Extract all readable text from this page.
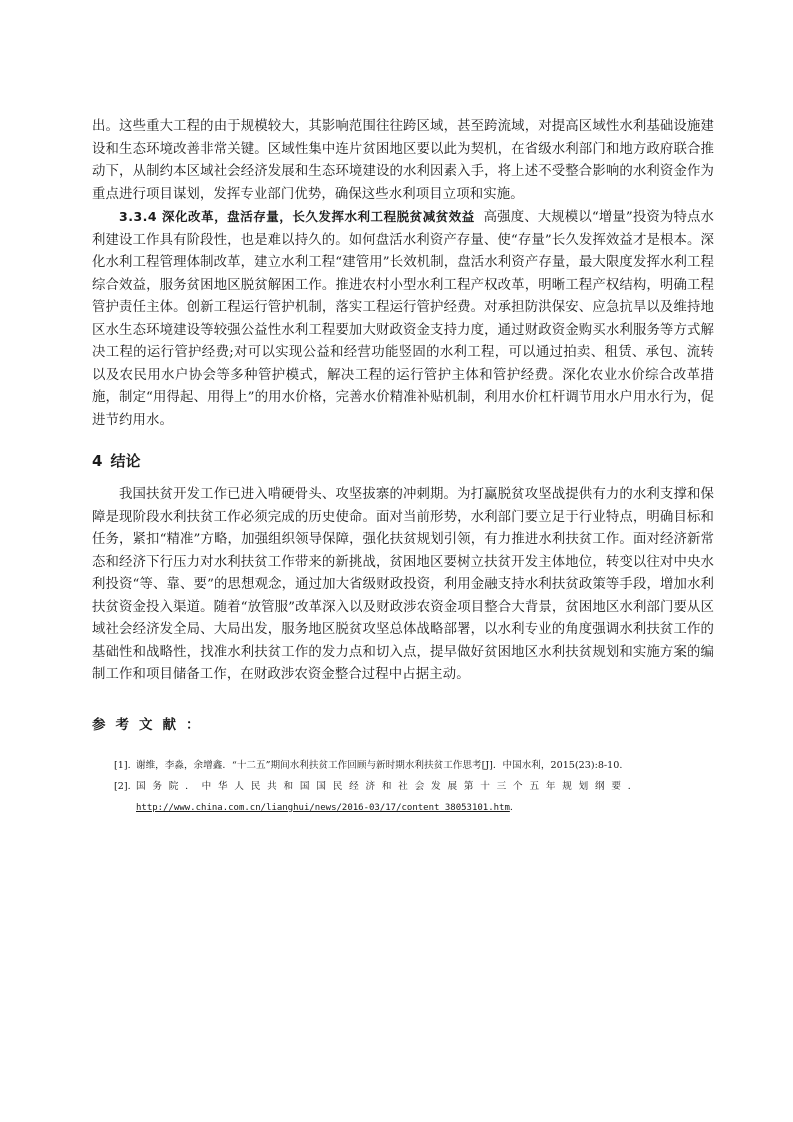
出。这些重大工程的由于规模较大，其影响范围往往跨区域，甚至跨流域，对提高区域性水利基础设施建设和生态环境改善非常关键。区域性集中连片贫困地区要以此为契机，在省级水利部门和地方政府联合推动下，从制约本区域社会经济发展和生态环境建设的水利因素入手，将上述不受整合影响的水利资金作为重点进行项目谋划，发挥专业部门优势，确保这些水利项目立项和实施。

3.3.4 深化改革，盘活存量，长久发挥水利工程脱贫减贫效益 高强度、大规模以“增量”投资为特点水利建设工作具有阶段性，也是难以持久的。如何盘活水利资产存量、使“存量”长久发挥效益才是根本。深化水利工程管理体制改革，建立水利工程“建管用”长效机制，盘活水利资产存量，最大限度发挥水利工程综合效益，服务贫困地区脱贫解困工作。推进农村小型水利工程产权改革，明晰工程产权结构，明确工程管护责任主体。创新工程运行管护机制，落实工程运行管护经费。对承担防洪保安、应急抗旱以及维持地区水生态环境建设等较强公益性水利工程要加大财政资金支持力度，通过财政资金购买水利服务等方式解决工程的运行管护经费;对可以实现公益和经营功能竖固的水利工程，可以通过拍卖、租赁、承包、流转以及农民用水户协会等多种管护模式，解决工程的运行管护主体和管护经费。深化农业水价综合改革措施，制定“用得起、用得上”的用水价格，完善水价精准补贴机制，利用水价杠杆调节用水户用水行为，促进节约用水。

4 结论

我国扶贫开发工作已进入啃硬骨头、攻坚拔寨的冲刺期。为打赢脱贫攻坚战提供有力的水利支撑和保障是现阶段水利扶贫工作必须完成的历史使命。面对当前形势，水利部门要立足于行业特点，明确目标和任务，紧扣“精准”方略，加强组织领导保障，强化扶贫规划引领，有力推进水利扶贫工作。面对经济新常态和经济下行压力对水利扶贫工作带来的新挑战，贫困地区要树立扶贫开发主体地位，转变以往对中央水利投资“等、靠、要”的思想观念，通过加大省级财政投资，利用金融支持水利扶贫政策等手段，增加水利扶贫资金投入渠道。随着“放管服”改革深入以及财政涉农资金项目整合大背景，贫困地区水利部门要从区域社会经济发全局、大局出发，服务地区脱贫攻坚总体战略部署，以水利专业的角度强调水利扶贫工作的基础性和战略性，找准水利扶贫工作的发力点和切入点，提早做好贫困地区水利扶贫规划和实施方案的编制工作和项目储备工作，在财政涉农资金整合过程中占据主动。

参考文献：
[1]. 谢维，李淼，余增鑫．“十二五”期间水利扶贫工作回顾与新时期水利扶贫工作思考[J]．中国水利，2015(23):8-10.
[2]. 国务院．中华人民共和国国民经济和社会发展第十三个五年规划纲要．
http://www.china.com.cn/lianghui/news/2016-03/17/content_38053101.htm.
